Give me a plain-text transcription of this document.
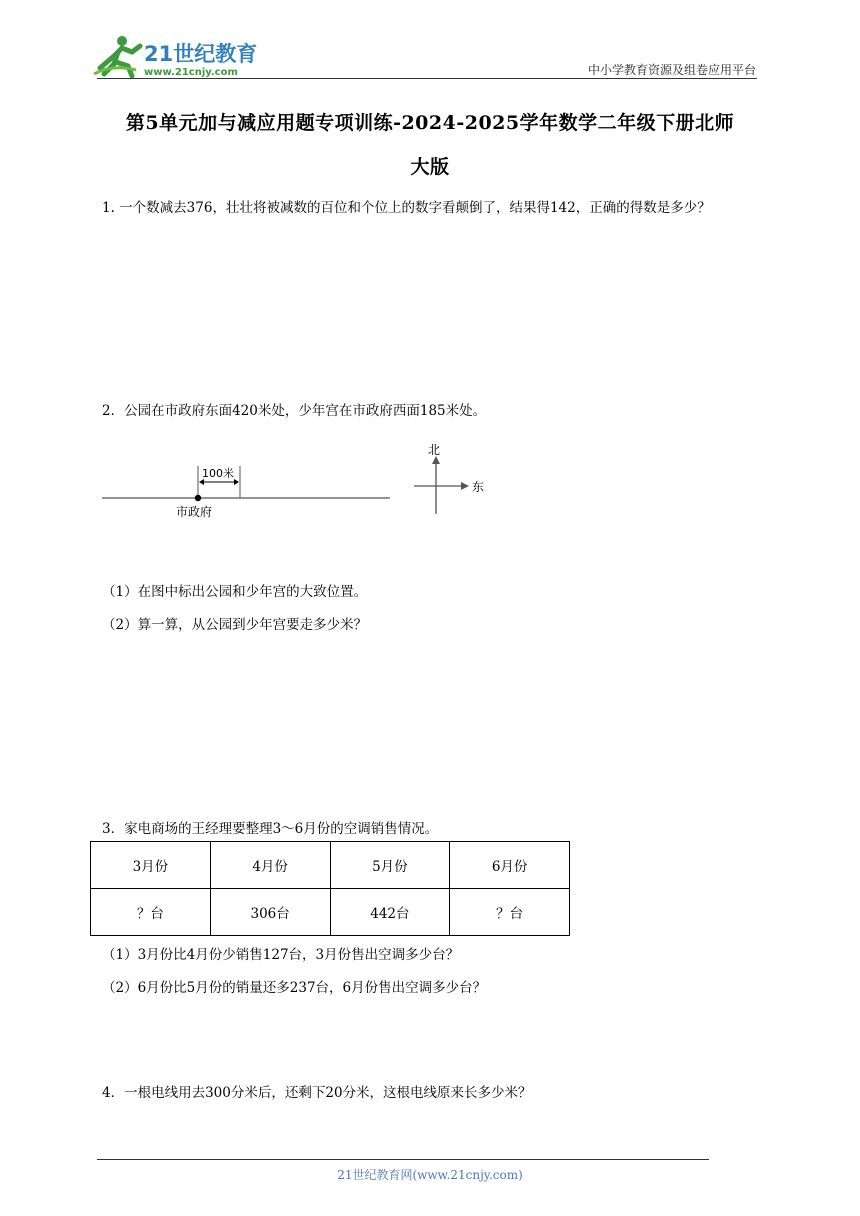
21世纪教育
www.21cnjy.com	中小学教育资源及组卷应用平台
第5单元加与减应用题专项训练-2024-2025学年数学二年级下册北师
大版
1. 一个数减去376，壮壮将被减数的百位和个位上的数字看颠倒了，结果得142，正确的得数是多少？
2．公园在市政府东面420米处，少年宫在市政府西面185米处。
100米
市政府
北
东
（1）在图中标出公园和少年宫的大致位置。
（2）算一算，从公园到少年宫要走多少米？
3．家电商场的王经理要整理3～6月份的空调销售情况。
3月份	4月份	5月份	6月份
？台	306台	442台	？台
（1）3月份比4月份少销售127台，3月份售出空调多少台？
（2）6月份比5月份的销量还多237台，6月份售出空调多少台？
4．一根电线用去300分米后，还剩下20分米，这根电线原来长多少米？
21世纪教育网(www.21cnjy.com)
